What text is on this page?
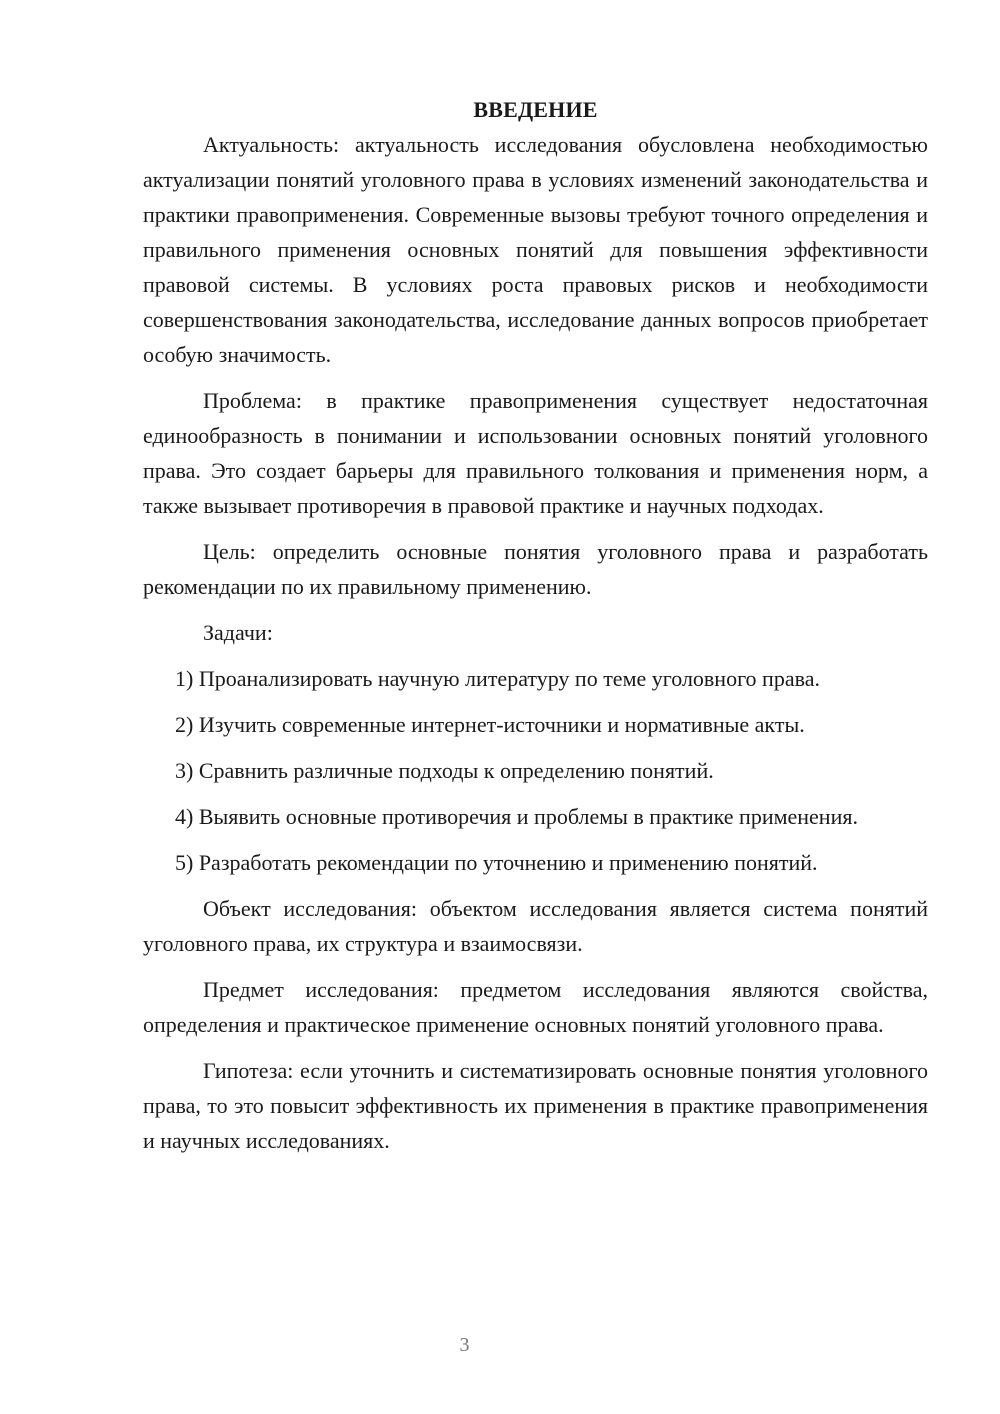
ВВЕДЕНИЕ

Актуальность: актуальность исследования обусловлена необходимостью актуализации понятий уголовного права в условиях изменений законодательства и практики правоприменения. Современные вызовы требуют точного определения и правильного применения основных понятий для повышения эффективности правовой системы. В условиях роста правовых рисков и необходимости совершенствования законодательства, исследование данных вопросов приобретает особую значимость.

Проблема: в практике правоприменения существует недостаточная единообразность в понимании и использовании основных понятий уголовного права. Это создает барьеры для правильного толкования и применения норм, а также вызывает противоречия в правовой практике и научных подходах.

Цель: определить основные понятия уголовного права и разработать рекомендации по их правильному применению.

Задачи:

1) Проанализировать научную литературу по теме уголовного права.

2) Изучить современные интернет-источники и нормативные акты.

3) Сравнить различные подходы к определению понятий.

4) Выявить основные противоречия и проблемы в практике применения.

5) Разработать рекомендации по уточнению и применению понятий.

Объект исследования: объектом исследования является система понятий уголовного права, их структура и взаимосвязи.

Предмет исследования: предметом исследования являются свойства, определения и практическое применение основных понятий уголовного права.

Гипотеза: если уточнить и систематизировать основные понятия уголовного права, то это повысит эффективность их применения в практике правоприменения и научных исследованиях.

3
